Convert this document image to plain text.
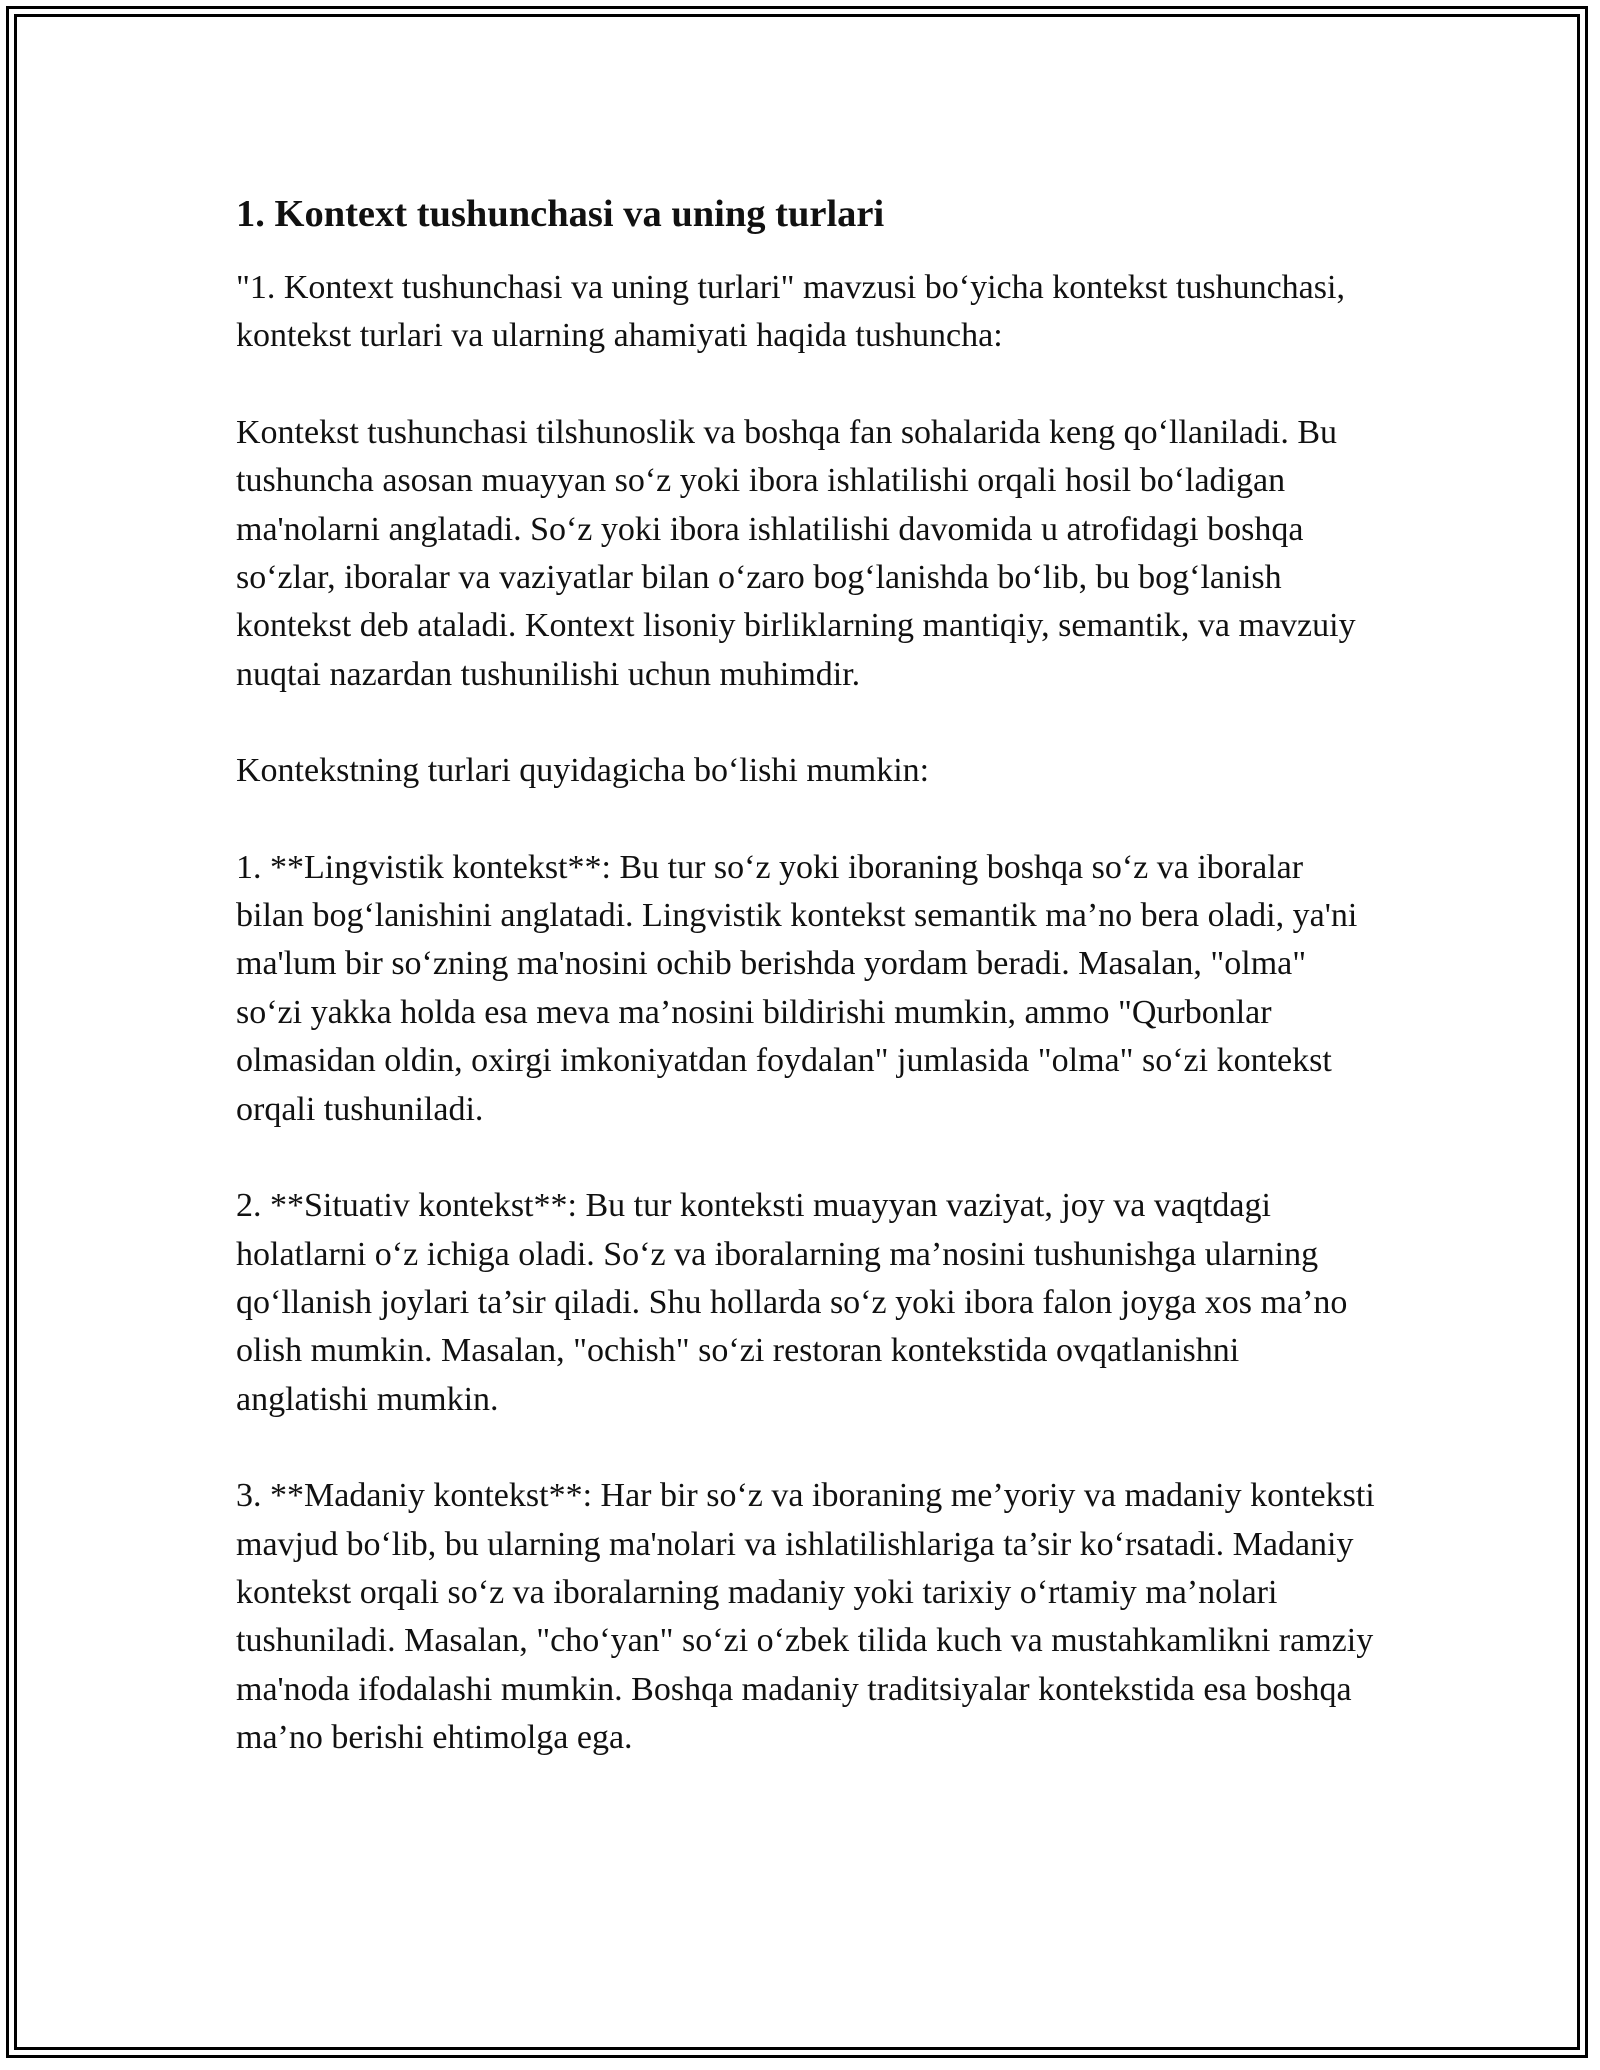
1. Kontext tushunchasi va uning turlari

"1. Kontext tushunchasi va uning turlari" mavzusi bo‘yicha kontekst tushunchasi, kontekst turlari va ularning ahamiyati haqida tushuncha:

Kontekst tushunchasi tilshunoslik va boshqa fan sohalarida keng qo‘llaniladi. Bu tushuncha asosan muayyan so‘z yoki ibora ishlatilishi orqali hosil bo‘ladigan ma'nolarni anglatadi. So‘z yoki ibora ishlatilishi davomida u atrofidagi boshqa so‘zlar, iboralar va vaziyatlar bilan o‘zaro bog‘lanishda bo‘lib, bu bog‘lanish kontekst deb ataladi. Kontext lisoniy birliklarning mantiqiy, semantik, va mavzuiy nuqtai nazardan tushunilishi uchun muhimdir.

Kontekstning turlari quyidagicha bo‘lishi mumkin:

1. **Lingvistik kontekst**: Bu tur so‘z yoki iboraning boshqa so‘z va iboralar bilan bog‘lanishini anglatadi. Lingvistik kontekst semantik ma’no bera oladi, ya'ni ma'lum bir so‘zning ma'nosini ochib berishda yordam beradi. Masalan, "olma" so‘zi yakka holda esa meva ma’nosini bildirishi mumkin, ammo "Qurbonlar olmasidan oldin, oxirgi imkoniyatdan foydalan" jumlasida "olma" so‘zi kontekst orqali tushuniladi.

2. **Situativ kontekst**: Bu tur konteksti muayyan vaziyat, joy va vaqtdagi holatlarni o‘z ichiga oladi. So‘z va iboralarning ma’nosini tushunishga ularning qo‘llanish joylari ta’sir qiladi. Shu hollarda so‘z yoki ibora falon joyga xos ma’no olish mumkin. Masalan, "ochish" so‘zi restoran kontekstida ovqatlanishni anglatishi mumkin.

3. **Madaniy kontekst**: Har bir so‘z va iboraning me’yoriy va madaniy konteksti mavjud bo‘lib, bu ularning ma'nolari va ishlatilishlariga ta’sir ko‘rsatadi. Madaniy kontekst orqali so‘z va iboralarning madaniy yoki tarixiy o‘rtamiy ma’nolari tushuniladi. Masalan, "cho‘yan" so‘zi o‘zbek tilida kuch va mustahkamlikni ramziy ma'noda ifodalashi mumkin. Boshqa madaniy traditsiyalar kontekstida esa boshqa ma’no berishi ehtimolga ega.
